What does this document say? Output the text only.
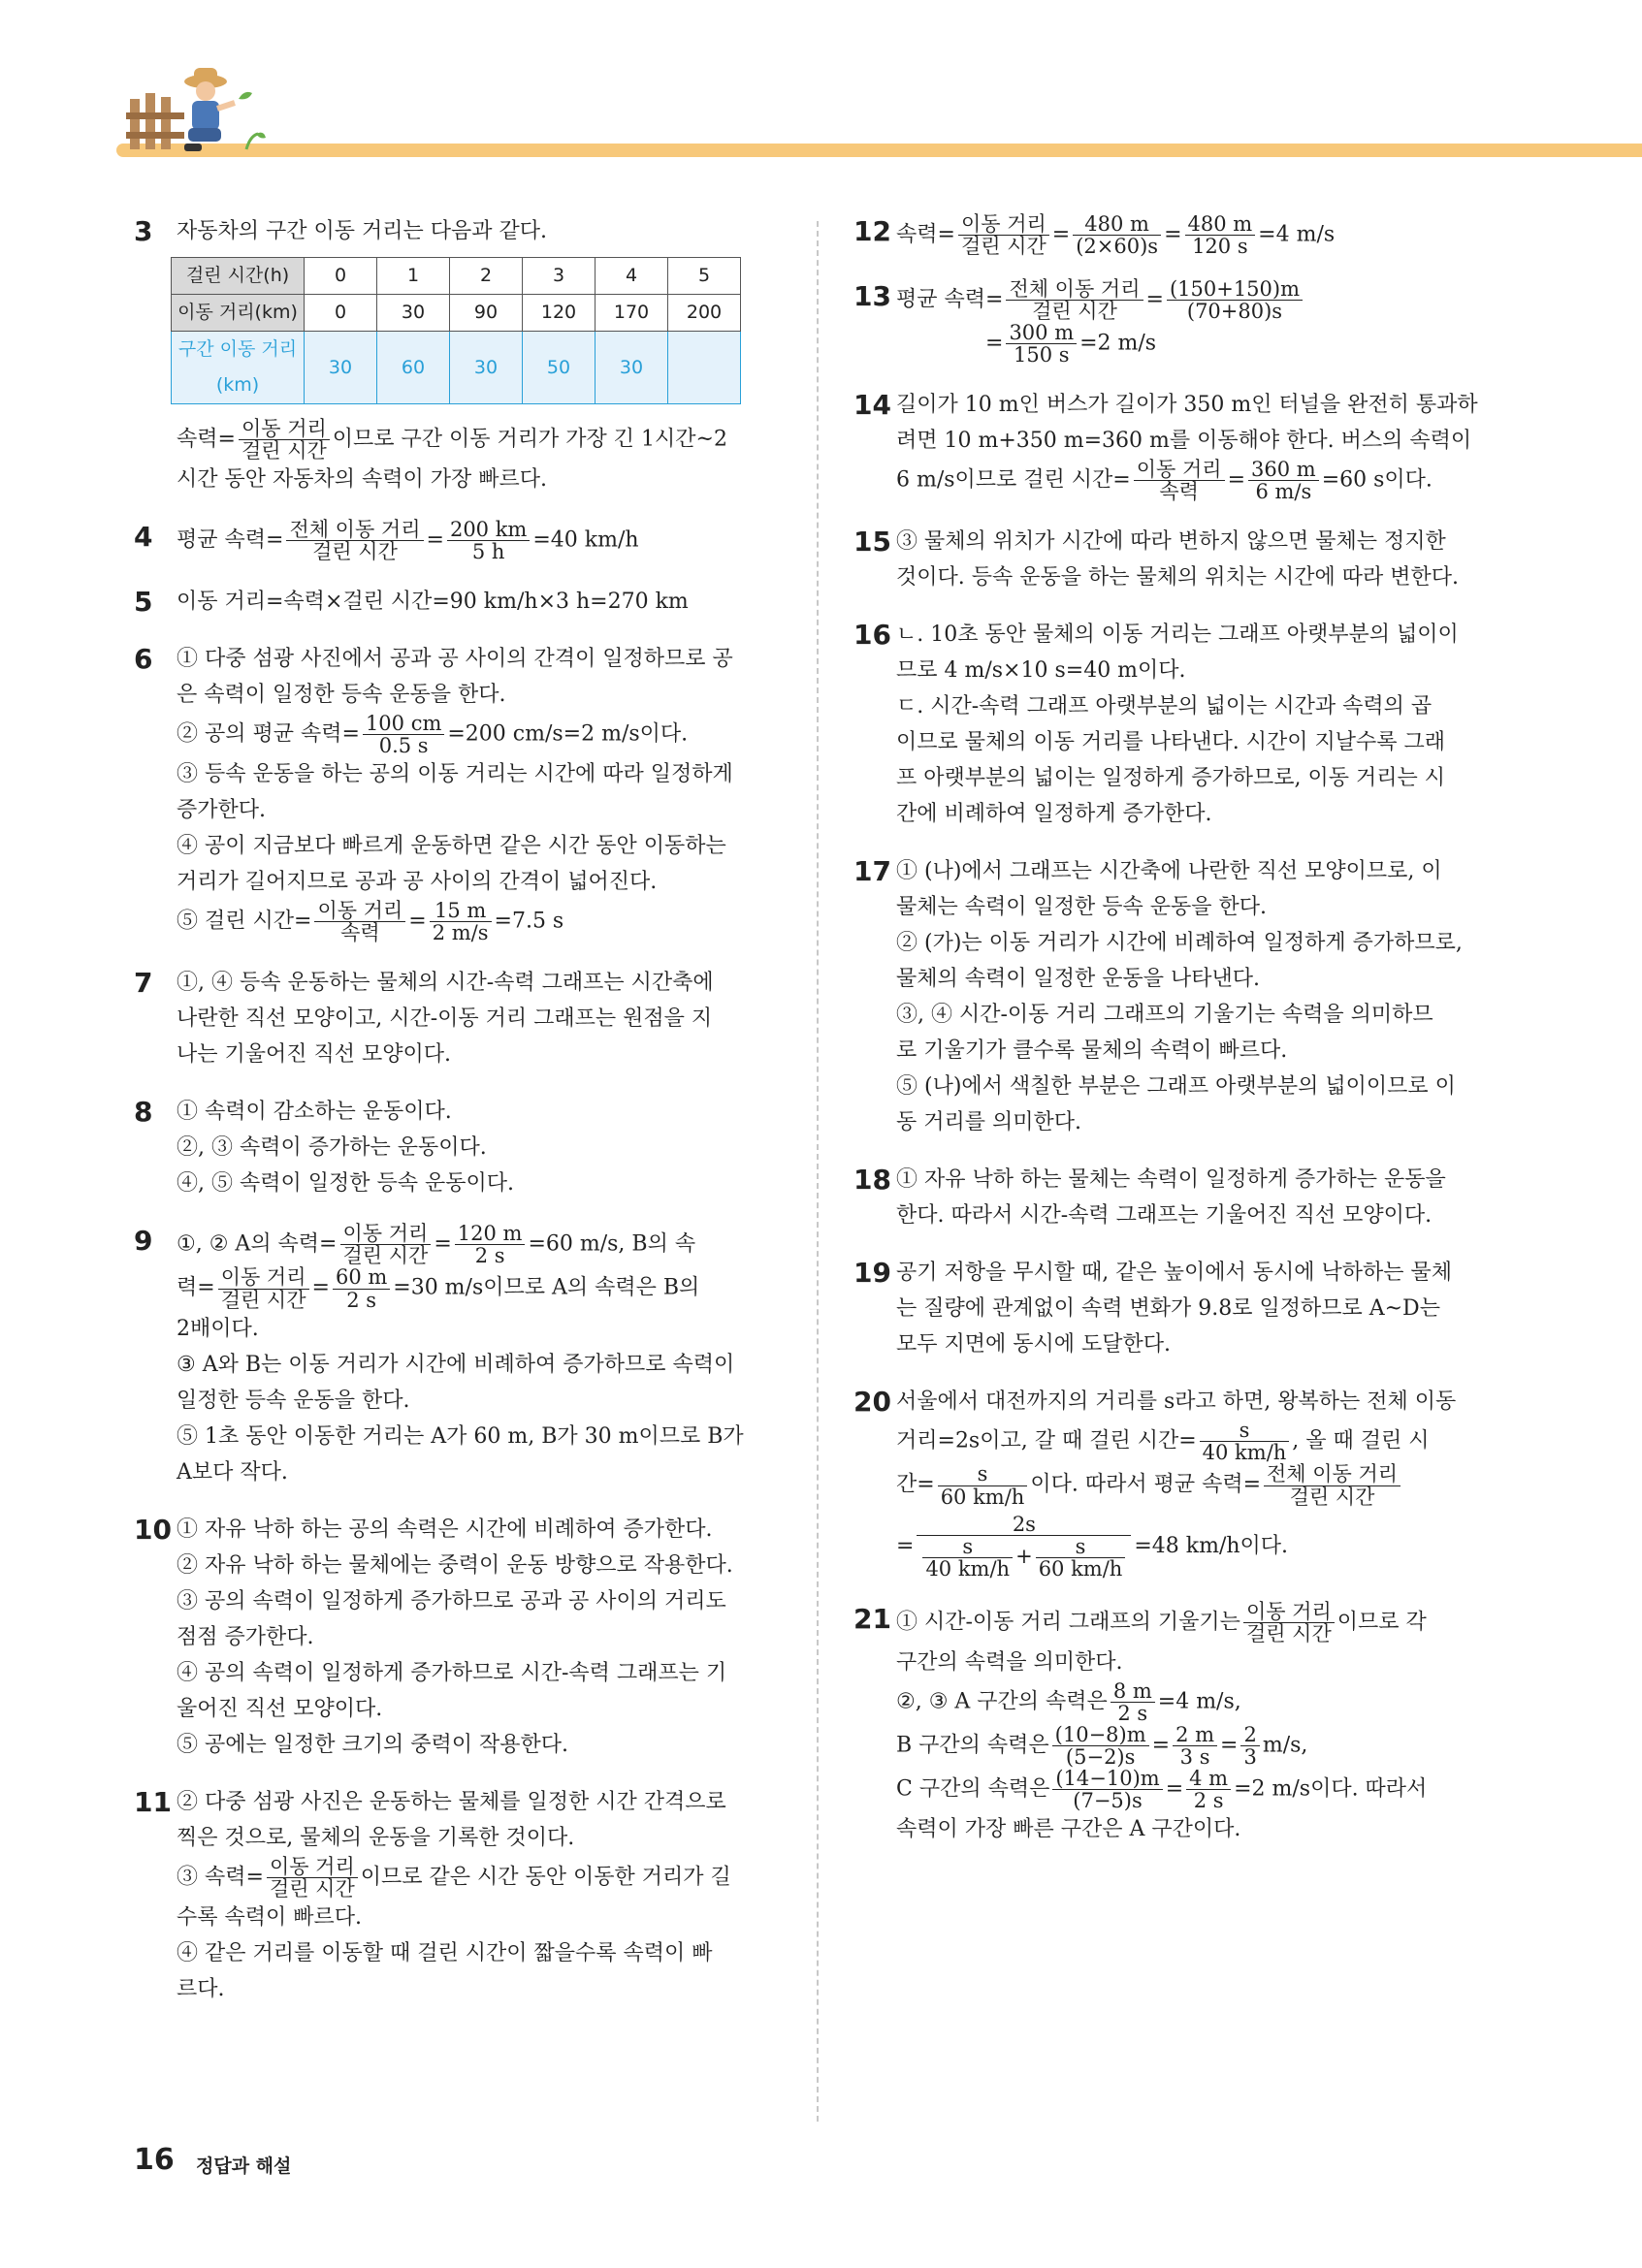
3 자동차의 구간 이동 거리는 다음과 같다.
걸린 시간(h)	0	1	2	3	4	5
이동 거리(km)	0	30	90	120	170	200
구간 이동 거리(km)	30	60	30	50	30	
속력= $\frac{\text{이동 거리}}{\text{걸린 시간}}$ 이므로 구간 이동 거리가 가장 긴 1시간~2
시간 동안 자동차의 속력이 가장 빠르다.
4 평균 속력= $\frac{\text{전체 이동 거리}}{\text{걸린 시간}} = \frac{200 km}{5 h} =40$ km/h
5 이동 거리=속력×걸린 시간=90 km/h×3 h=270 km
6 ① 다중 섬광 사진에서 공과 공 사이의 간격이 일정하므로 공
은 속력이 일정한 등속 운동을 한다.
② 공의 평균 속력= $\frac{100 cm}{0.5 s} =200$ cm/s=2 m/s이다.
③ 등속 운동을 하는 공의 이동 거리는 시간에 따라 일정하게
증가한다.
④ 공이 지금보다 빠르게 운동하면 같은 시간 동안 이동하는
거리가 길어지므로 공과 공 사이의 간격이 넓어진다.
⑤ 걸린 시간= $\frac{\text{이동 거리}}{\text{속력}} = \frac{15 m}{2 m/s} =7.5$ s
7 ①, ④ 등속 운동하는 물체의 시간-속력 그래프는 시간축에
나란한 직선 모양이고, 시간-이동 거리 그래프는 원점을 지
나는 기울어진 직선 모양이다.
8 ① 속력이 감소하는 운동이다.
②, ③ 속력이 증가하는 운동이다.
④, ⑤ 속력이 일정한 등속 운동이다.
9 ①, ② A의 속력= $\frac{\text{이동 거리}}{\text{걸린 시간}} = \frac{120 m}{2 s} =60$ m/s, B의 속
력= $\frac{\text{이동 거리}}{\text{걸린 시간}} = \frac{60 m}{2 s} =30$ m/s이므로 A의 속력은 B의
2배이다.
③ A와 B는 이동 거리가 시간에 비례하여 증가하므로 속력이
일정한 등속 운동을 한다.
⑤ 1초 동안 이동한 거리는 A가 60 m, B가 30 m이므로 B가
A보다 작다.
10 ① 자유 낙하 하는 공의 속력은 시간에 비례하여 증가한다.
② 자유 낙하 하는 물체에는 중력이 운동 방향으로 작용한다.
③ 공의 속력이 일정하게 증가하므로 공과 공 사이의 거리도
점점 증가한다.
④ 공의 속력이 일정하게 증가하므로 시간-속력 그래프는 기
울어진 직선 모양이다.
⑤ 공에는 일정한 크기의 중력이 작용한다.
11 ② 다중 섬광 사진은 운동하는 물체를 일정한 시간 간격으로
찍은 것으로, 물체의 운동을 기록한 것이다.
③ 속력= $\frac{\text{이동 거리}}{\text{걸린 시간}}$ 이므로 같은 시간 동안 이동한 거리가 길
수록 속력이 빠르다.
④ 같은 거리를 이동할 때 걸린 시간이 짧을수록 속력이 빠
르다.
12 속력= $\frac{\text{이동 거리}}{\text{걸린 시간}} = \frac{480 m}{(2\times 60)s} = \frac{480 m}{120 s} =4$ m/s
13 평균 속력= $\frac{\text{전체 이동 거리}}{\text{걸린 시간}} = \frac{(150+150)m}{(70+80)s}$
= $\frac{300 m}{150 s} =2$ m/s
14 길이가 10 m인 버스가 길이가 350 m인 터널을 완전히 통과하
려면 10 m+350 m=360 m를 이동해야 한다. 버스의 속력이
6 m/s이므로 걸린 시간= $\frac{\text{이동 거리}}{\text{속력}} = \frac{360 m}{6 m/s} =60$ s이다.
15 ③ 물체의 위치가 시간에 따라 변하지 않으면 물체는 정지한
것이다. 등속 운동을 하는 물체의 위치는 시간에 따라 변한다.
16 ㄴ. 10초 동안 물체의 이동 거리는 그래프 아랫부분의 넓이이
므로 4 m/s×10 s=40 m이다.
ㄷ. 시간-속력 그래프 아랫부분의 넓이는 시간과 속력의 곱
이므로 물체의 이동 거리를 나타낸다. 시간이 지날수록 그래
프 아랫부분의 넓이는 일정하게 증가하므로, 이동 거리는 시
간에 비례하여 일정하게 증가한다.
17 ① (나)에서 그래프는 시간축에 나란한 직선 모양이므로, 이
물체는 속력이 일정한 등속 운동을 한다.
② (가)는 이동 거리가 시간에 비례하여 일정하게 증가하므로,
물체의 속력이 일정한 운동을 나타낸다.
③, ④ 시간-이동 거리 그래프의 기울기는 속력을 의미하므
로 기울기가 클수록 물체의 속력이 빠르다.
⑤ (나)에서 색칠한 부분은 그래프 아랫부분의 넓이이므로 이
동 거리를 의미한다.
18 ① 자유 낙하 하는 물체는 속력이 일정하게 증가하는 운동을
한다. 따라서 시간-속력 그래프는 기울어진 직선 모양이다.
19 공기 저항을 무시할 때, 같은 높이에서 동시에 낙하하는 물체
는 질량에 관계없이 속력 변화가 9.8로 일정하므로 A~D는
모두 지면에 동시에 도달한다.
20 서울에서 대전까지의 거리를 s라고 하면, 왕복하는 전체 이동
거리=2s이고, 갈 때 걸린 시간= $\frac{s}{40 km/h}$ , 올 때 걸린 시
간= $\frac{s}{60 km/h}$ 이다. 따라서 평균 속력= $\frac{\text{전체 이동 거리}}{\text{걸린 시간}}$
= $\frac{2s}{\frac{s}{40 km/h} + \frac{s}{60 km/h}} =48$ km/h이다.
21 ① 시간-이동 거리 그래프의 기울기는 $\frac{\text{이동 거리}}{\text{걸린 시간}}$ 이므로 각
구간의 속력을 의미한다.
②, ③ A 구간의 속력은 $\frac{8 m}{2 s} =4$ m/s,
B 구간의 속력은 $\frac{(10-8)m}{(5-2)s} = \frac{2 m}{3 s} = \frac{2}{3} m/s$,
C 구간의 속력은 $\frac{(14-10)m}{(7-5)s} = \frac{4 m}{2 s} =2$ m/s이다. 따라서
속력이 가장 빠른 구간은 A 구간이다.
16 정답과 해설
